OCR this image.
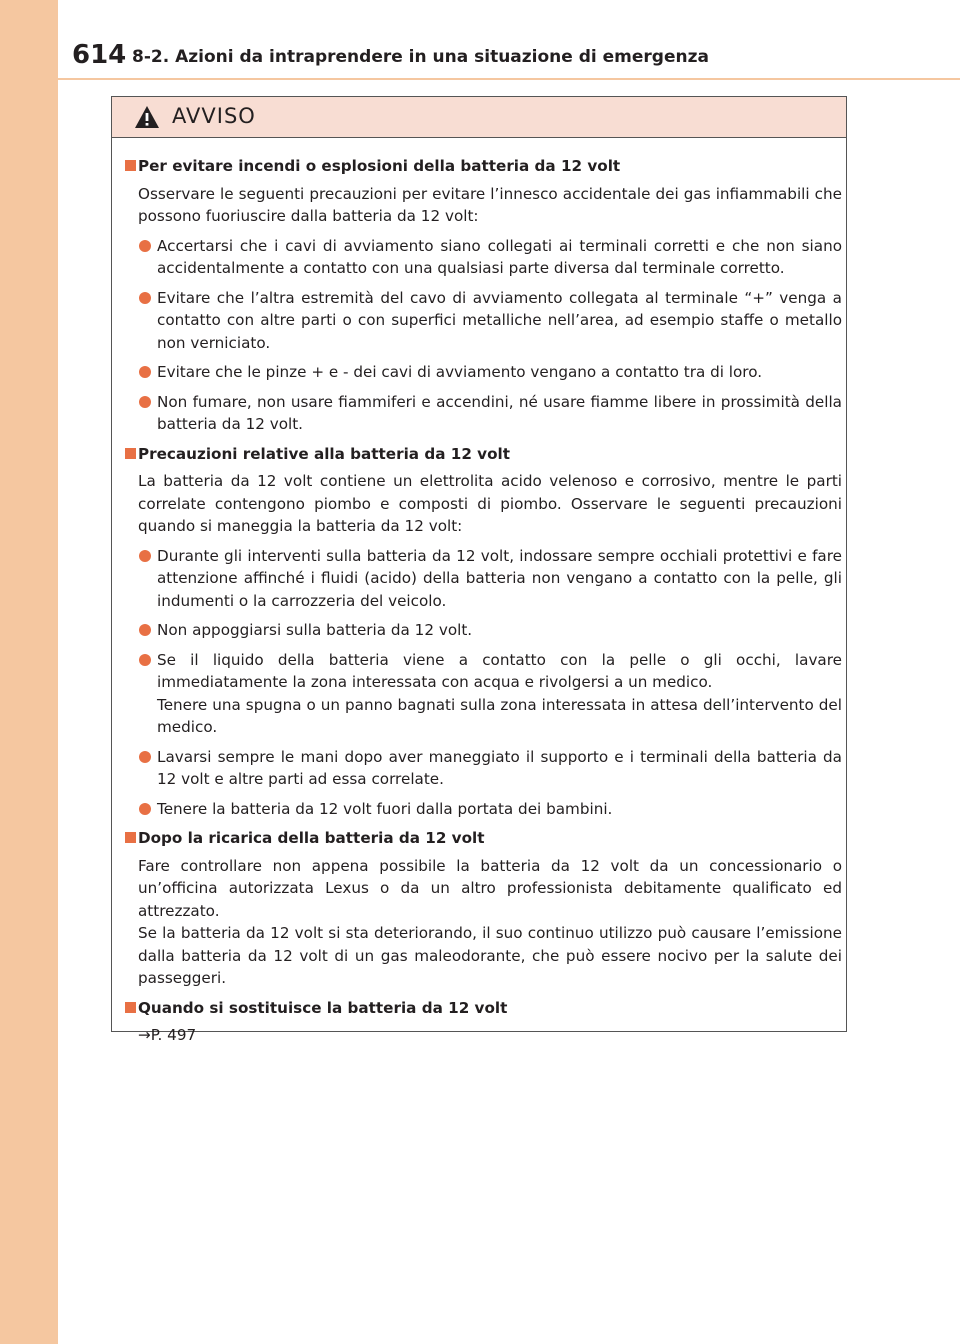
614 8-2. Azioni da intraprendere in una situazione di emergenza
AVVISO
Per evitare incendi o esplosioni della batteria da 12 volt
Osservare le seguenti precauzioni per evitare l’innesco accidentale dei gas infiammabili che possono fuoriuscire dalla batteria da 12 volt:
Accertarsi che i cavi di avviamento siano collegati ai terminali corretti e che non siano accidentalmente a contatto con una qualsiasi parte diversa dal terminale corretto.
Evitare che l’altra estremità del cavo di avviamento collegata al terminale “+” venga a contatto con altre parti o con superfici metalliche nell’area, ad esempio staffe o metallo non verniciato.
Evitare che le pinze + e - dei cavi di avviamento vengano a contatto tra di loro.
Non fumare, non usare fiammiferi e accendini, né usare fiamme libere in prossimità della batteria da 12 volt.
Precauzioni relative alla batteria da 12 volt
La batteria da 12 volt contiene un elettrolita acido velenoso e corrosivo, mentre le parti correlate contengono piombo e composti di piombo. Osservare le seguenti precauzioni quando si maneggia la batteria da 12 volt:
Durante gli interventi sulla batteria da 12 volt, indossare sempre occhiali protettivi e fare attenzione affinché i fluidi (acido) della batteria non vengano a contatto con la pelle, gli indumenti o la carrozzeria del veicolo.
Non appoggiarsi sulla batteria da 12 volt.
Se il liquido della batteria viene a contatto con la pelle o gli occhi, lavare immediatamente la zona interessata con acqua e rivolgersi a un medico.
Tenere una spugna o un panno bagnati sulla zona interessata in attesa dell’intervento del medico.
Lavarsi sempre le mani dopo aver maneggiato il supporto e i terminali della batteria da 12 volt e altre parti ad essa correlate.
Tenere la batteria da 12 volt fuori dalla portata dei bambini.
Dopo la ricarica della batteria da 12 volt
Fare controllare non appena possibile la batteria da 12 volt da un concessionario o un’officina autorizzata Lexus o da un altro professionista debitamente qualificato ed attrezzato.
Se la batteria da 12 volt si sta deteriorando, il suo continuo utilizzo può causare l’emissione dalla batteria da 12 volt di un gas maleodorante, che può essere nocivo per la salute dei passeggeri.
Quando si sostituisce la batteria da 12 volt
→P. 497
